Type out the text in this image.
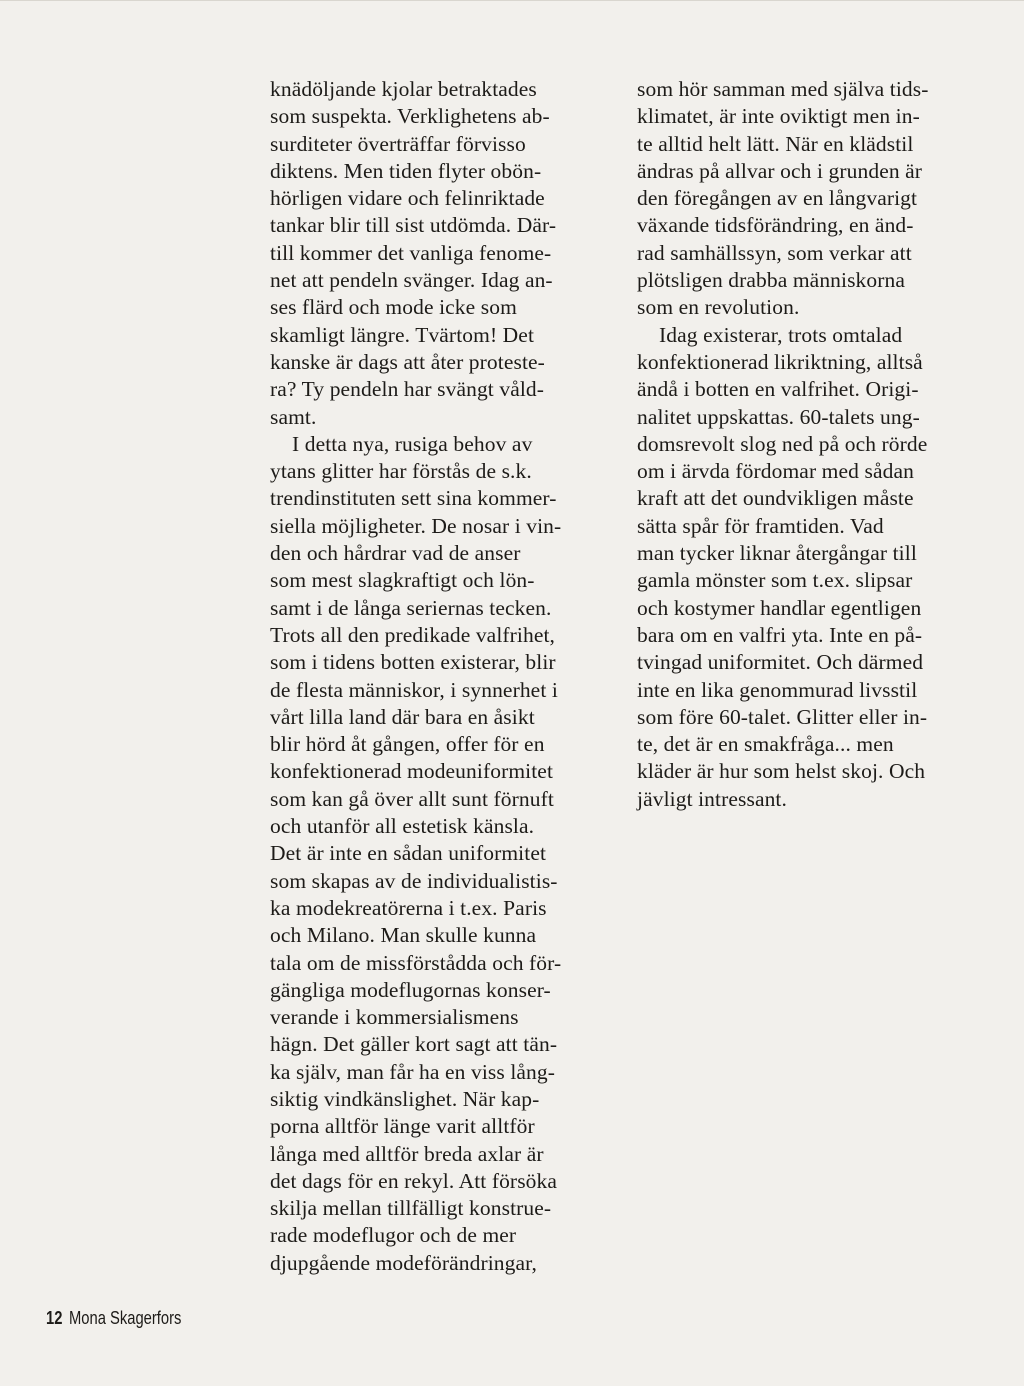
knädöljande kjolar betraktades
som suspekta. Verklighetens ab-
surditeter överträffar förvisso
diktens. Men tiden flyter obön-
hörligen vidare och felinriktade
tankar blir till sist utdömda. Där-
till kommer det vanliga fenome-
net att pendeln svänger. Idag an-
ses flärd och mode icke som
skamligt längre. Tvärtom! Det
kanske är dags att åter proteste-
ra? Ty pendeln har svängt våld-
samt.
I detta nya, rusiga behov av
ytans glitter har förstås de s.k.
trendinstituten sett sina kommer-
siella möjligheter. De nosar i vin-
den och hårdrar vad de anser
som mest slagkraftigt och lön-
samt i de långa seriernas tecken.
Trots all den predikade valfrihet,
som i tidens botten existerar, blir
de flesta människor, i synnerhet i
vårt lilla land där bara en åsikt
blir hörd åt gången, offer för en
konfektionerad modeuniformitet
som kan gå över allt sunt förnuft
och utanför all estetisk känsla.
Det är inte en sådan uniformitet
som skapas av de individualistis-
ka modekreatörerna i t.ex. Paris
och Milano. Man skulle kunna
tala om de missförstådda och för-
gängliga modeflugornas konser-
verande i kommersialismens
hägn. Det gäller kort sagt att tän-
ka själv, man får ha en viss lång-
siktig vindkänslighet. När kap-
porna alltför länge varit alltför
långa med alltför breda axlar är
det dags för en rekyl. Att försöka
skilja mellan tillfälligt konstrue-
rade modeflugor och de mer
djupgående modeförändringar,
som hör samman med själva tids-
klimatet, är inte oviktigt men in-
te alltid helt lätt. När en klädstil
ändras på allvar och i grunden är
den föregången av en långvarigt
växande tidsförändring, en änd-
rad samhällssyn, som verkar att
plötsligen drabba människorna
som en revolution.
Idag existerar, trots omtalad
konfektionerad likriktning, alltså
ändå i botten en valfrihet. Origi-
nalitet uppskattas. 60-talets ung-
domsrevolt slog ned på och rörde
om i ärvda fördomar med sådan
kraft att det oundvikligen måste
sätta spår för framtiden. Vad
man tycker liknar återgångar till
gamla mönster som t.ex. slipsar
och kostymer handlar egentligen
bara om en valfri yta. Inte en på-
tvingad uniformitet. Och därmed
inte en lika genommurad livsstil
som före 60-talet. Glitter eller in-
te, det är en smakfråga... men
kläder är hur som helst skoj. Och
jävligt intressant.
12 Mona Skagerfors
